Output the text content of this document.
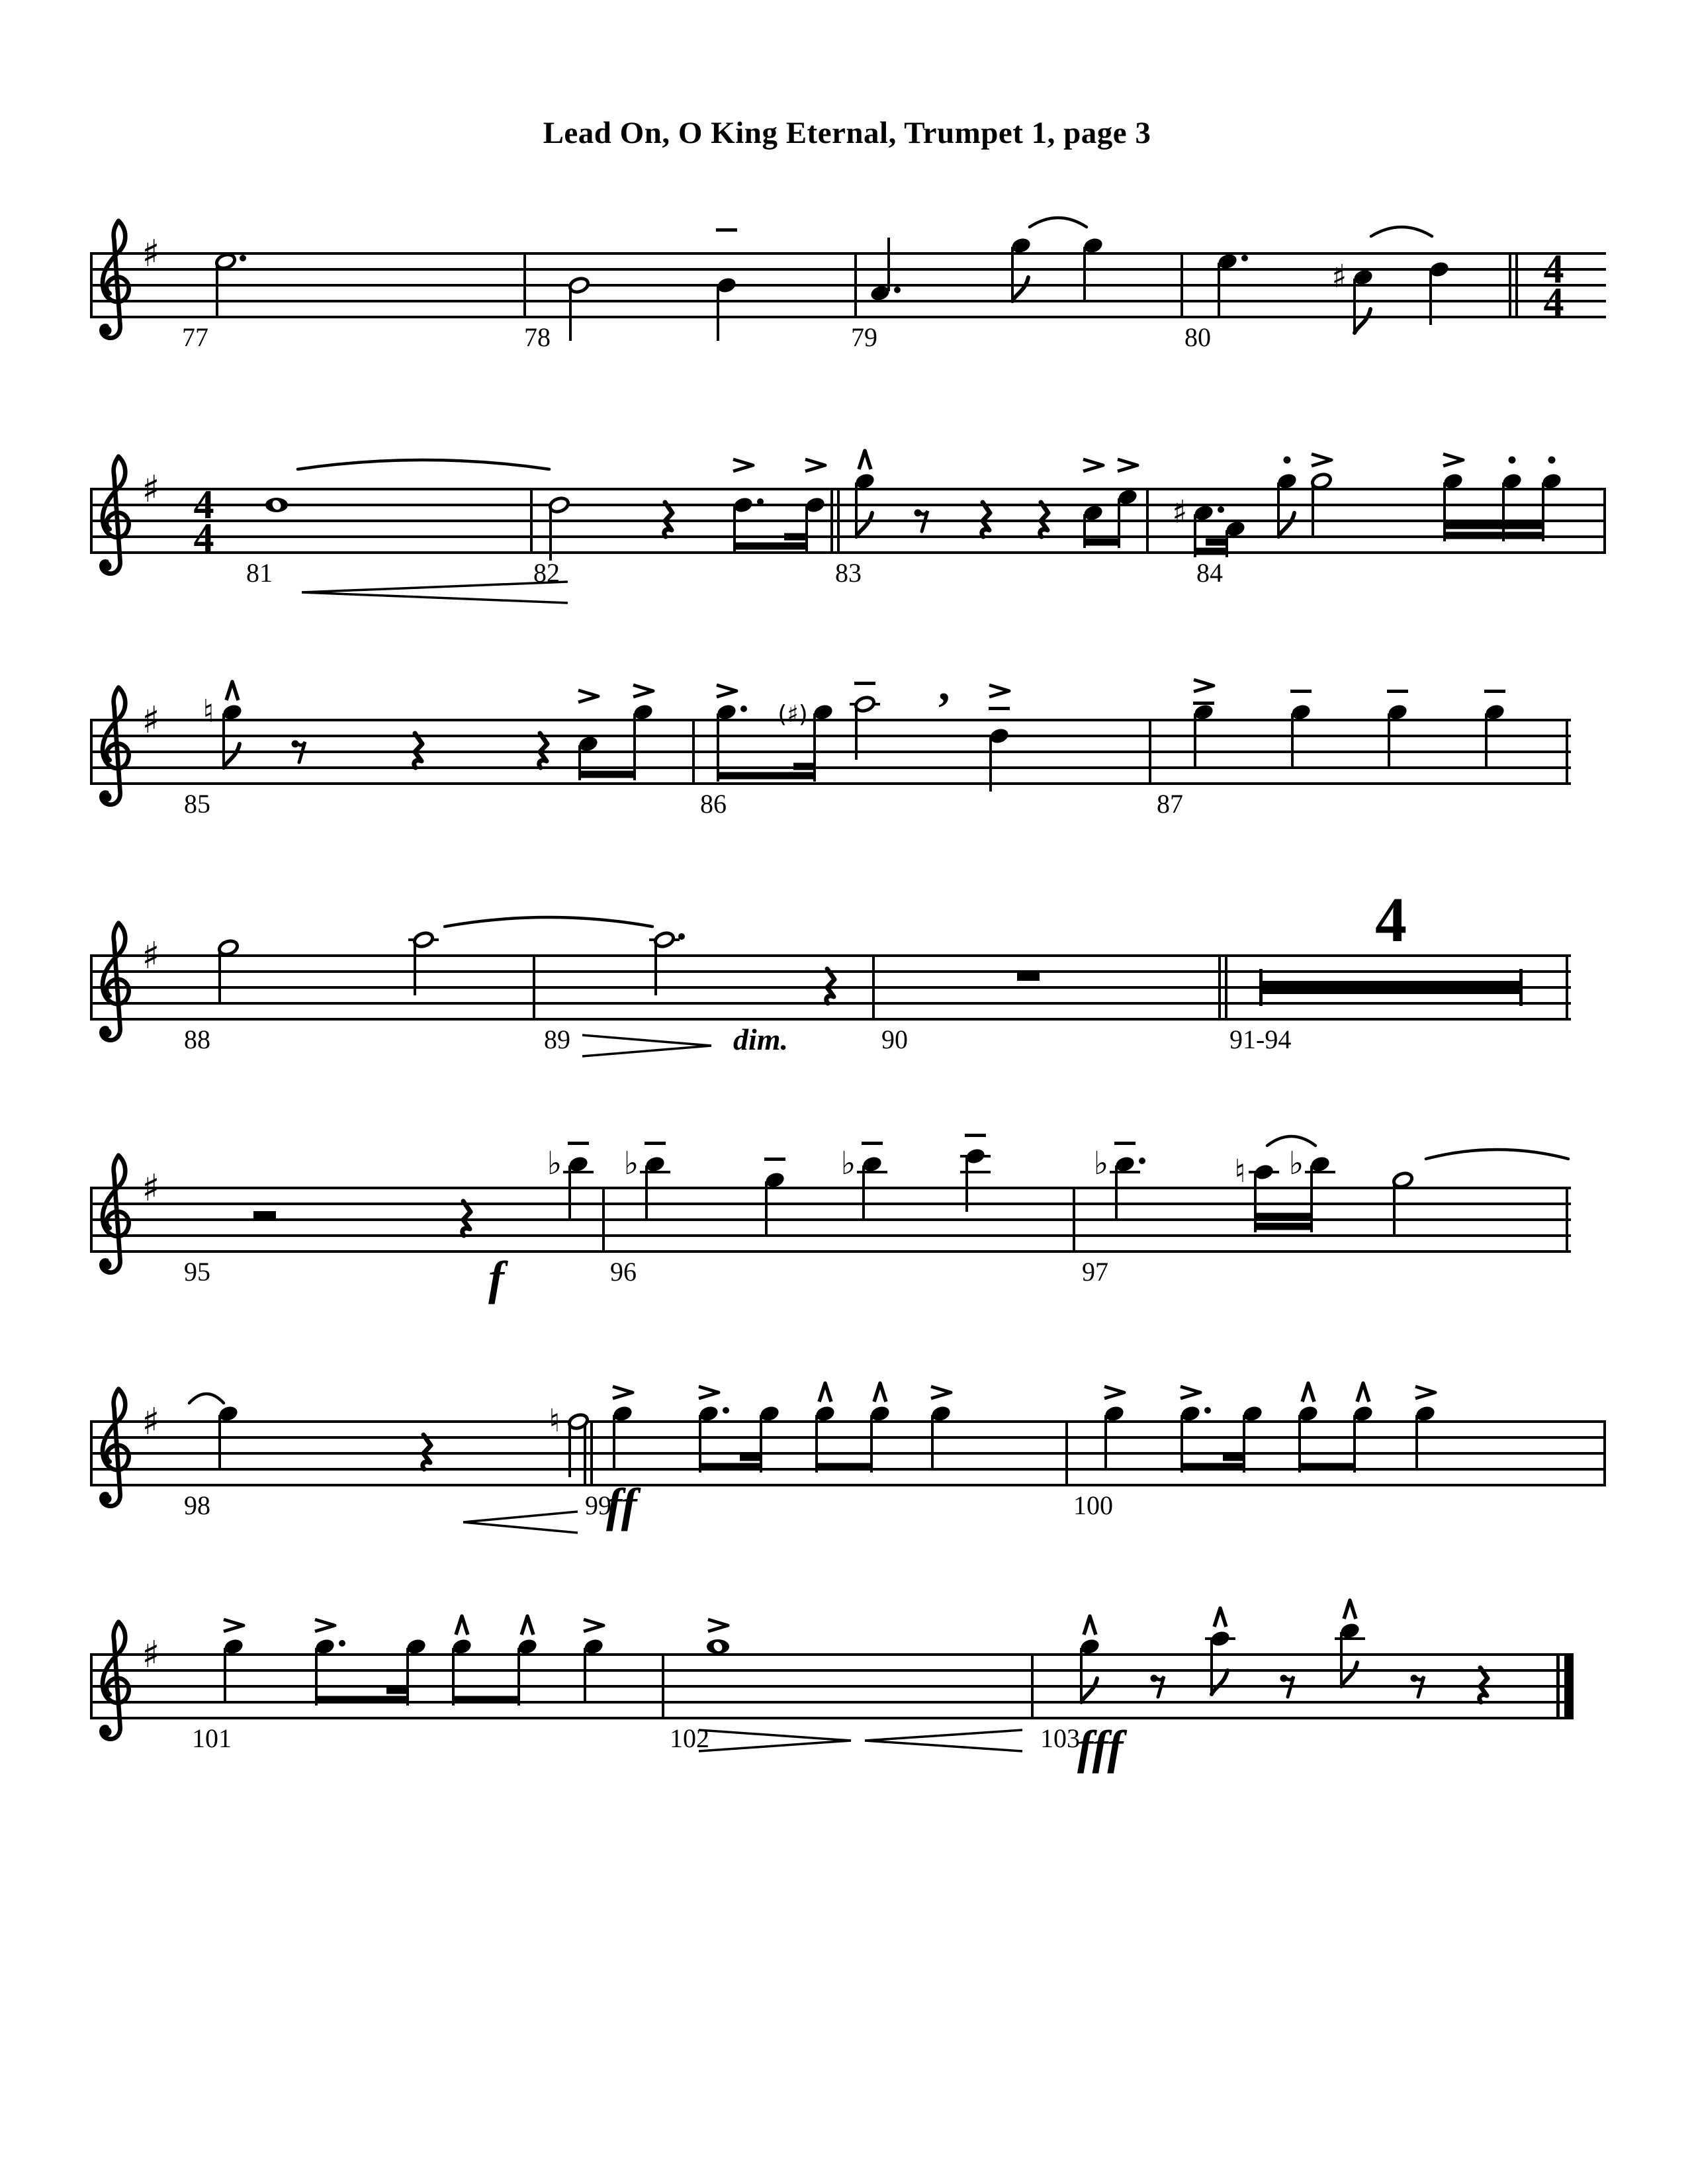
Lead On, O King Eternal, Trumpet 1, page 3
♯	4
4
♯
77	78	79	80
♯ 4
4
♯
81	82	83	84
♯ ♮	(♯)
85	86	87
,
♯
4
88	89	90	91-94
dim.
♯
♭ ♭	♭	♭	♮ ♭
95	96	97
f
♯	♮
98	99	100
ff
♯
101	102	103
fff
